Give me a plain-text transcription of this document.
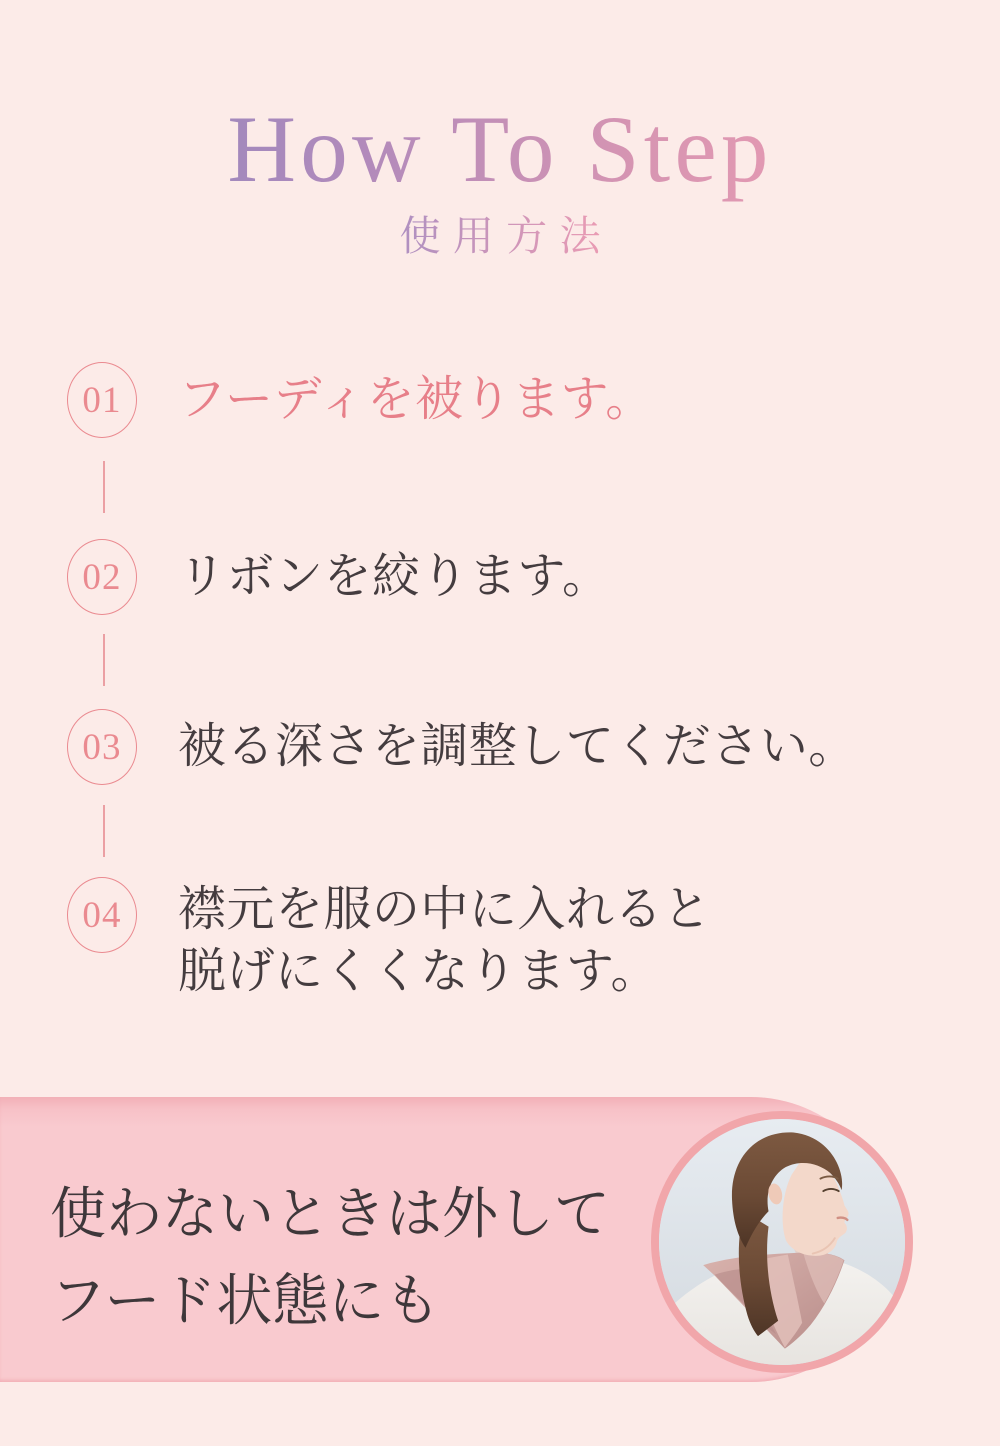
How To Step
使用方法
01 フーディを被ります。
02 リボンを絞ります。
03 被る深さを調整してください。
04 襟元を服の中に入れると
脱げにくくなります。
使わないときは外して
フード状態にも
